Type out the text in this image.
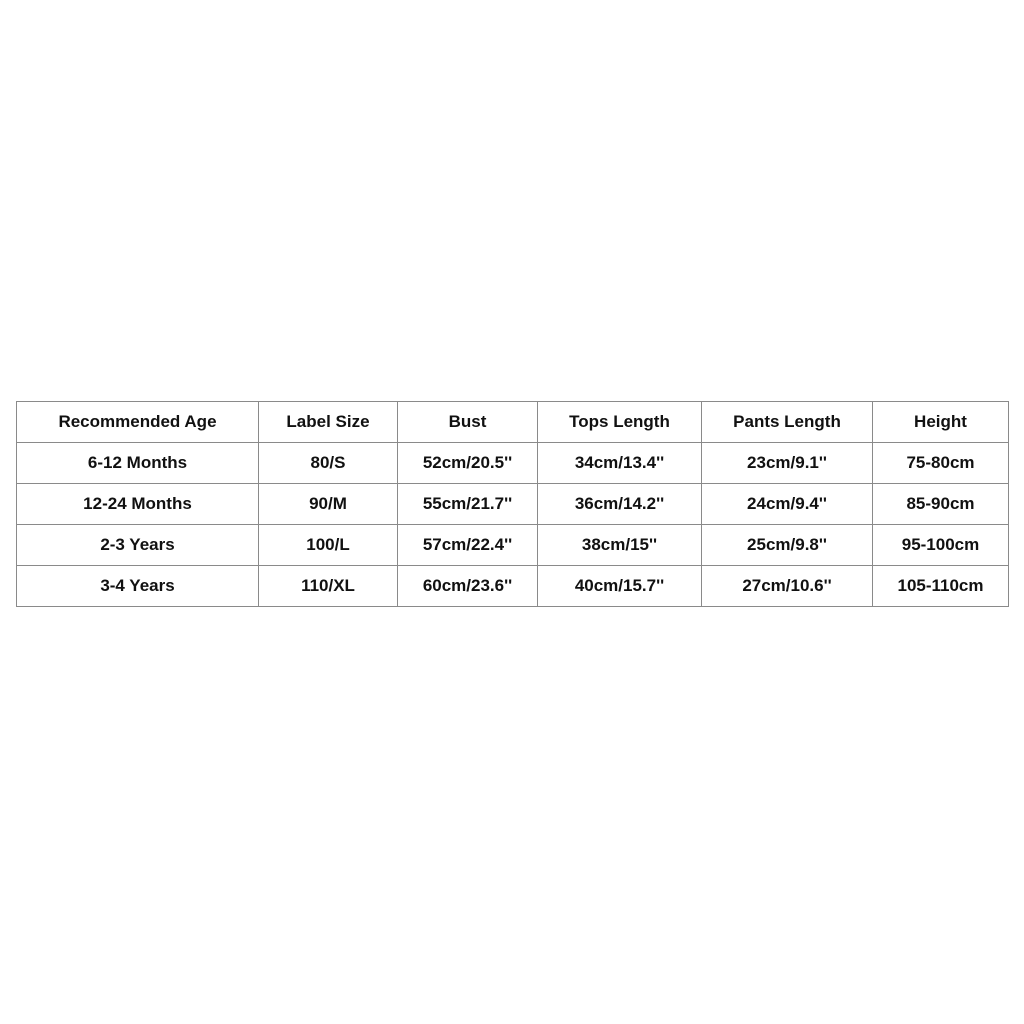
Recommended Age	Label Size	Bust	Tops Length	Pants Length	Height
6-12 Months	80/S	52cm/20.5''	34cm/13.4''	23cm/9.1''	75-80cm
12-24 Months	90/M	55cm/21.7''	36cm/14.2''	24cm/9.4''	85-90cm
2-3 Years	100/L	57cm/22.4''	38cm/15''	25cm/9.8''	95-100cm
3-4 Years	110/XL	60cm/23.6''	40cm/15.7''	27cm/10.6''	105-110cm
